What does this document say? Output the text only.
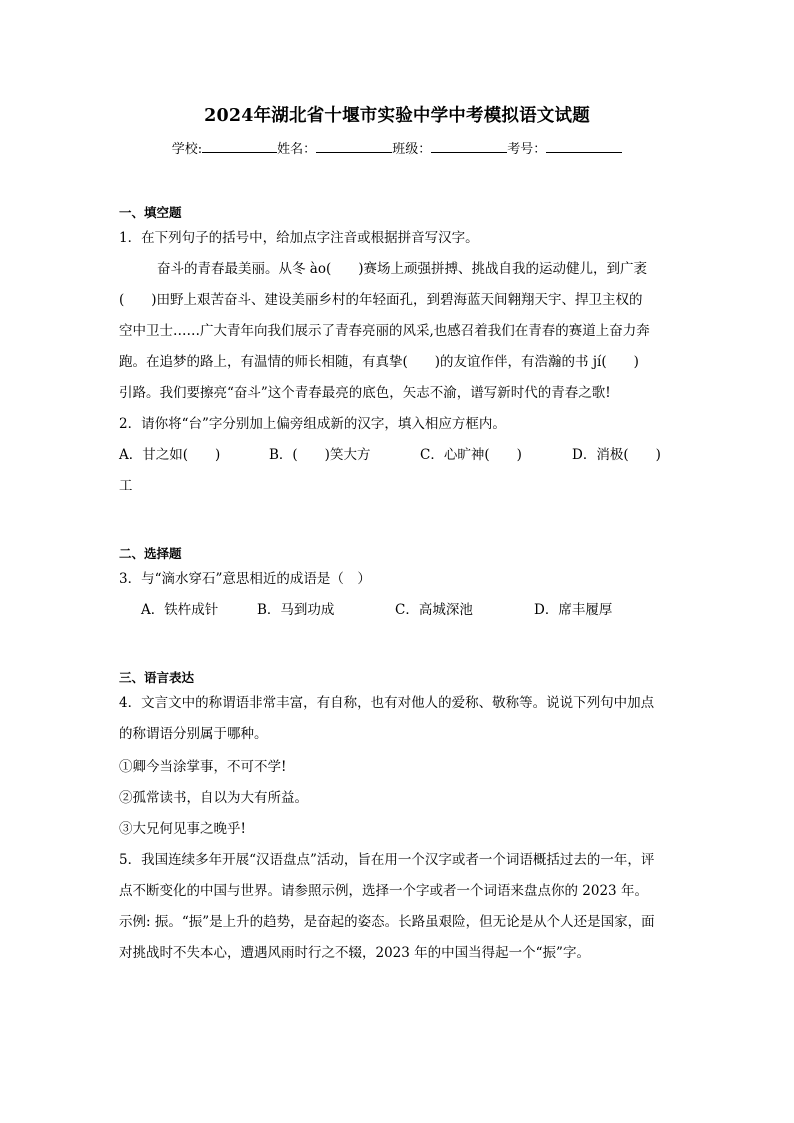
2024年湖北省十堰市实验中学中考模拟语文试题
学校:	姓名：	班级：	考号：
一、填空题
1．在下列句子的括号中，给加点字注音或根据拼音写汉字。
奋斗的青春最美丽。从冬 ào(　　)赛场上顽强拼搏、挑战自我的运动健儿，到广袤
(　　)田野上艰苦奋斗、建设美丽乡村的年轻面孔，到碧海蓝天间翱翔天宇、捍卫主权的
空中卫士……广大青年向我们展示了青春亮丽的风采,也感召着我们在青春的赛道上奋力奔
跑。在追梦的路上，有温情的师长相随，有真挚(　　)的友谊作伴，有浩瀚的书 jí(　　)
引路。我们要擦亮“奋斗”这个青春最亮的底色，矢志不渝，谱写新时代的青春之歌!
2．请你将“台”字分别加上偏旁组成新的汉字，填入相应方框内。
A．甘之如(　　)	B．(　　)笑大方	C．心旷神(　　)	D．消极(　　)
工
二、选择题
3．与“滴水穿石”意思相近的成语是（　）
A．铁杵成针	B．马到功成	C．高城深池	D．席丰履厚
三、语言表达
4．文言文中的称谓语非常丰富，有自称，也有对他人的爱称、敬称等。说说下列句中加点
的称谓语分别属于哪种。
①卿今当涂掌事，不可不学!
②孤常读书，自以为大有所益。
③大兄何见事之晚乎!
5．我国连续多年开展“汉语盘点”活动，旨在用一个汉字或者一个词语概括过去的一年，评
点不断变化的中国与世界。请参照示例，选择一个字或者一个词语来盘点你的 2023 年。
示例: 振。“振”是上升的趋势，是奋起的姿态。长路虽艰险，但无论是从个人还是国家，面
对挑战时不失本心，遭遇风雨时行之不辍，2023 年的中国当得起一个“振”字。
